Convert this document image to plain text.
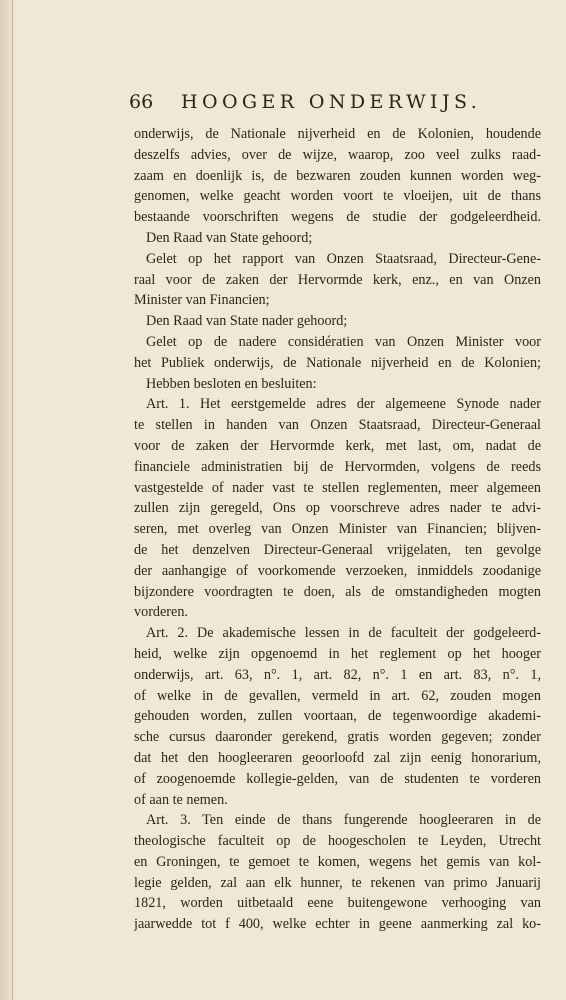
66	HOOGER ONDERWIJS.
onderwijs, de Nationale nijverheid en de Kolonien, houdende
deszelfs advies, over de wijze, waarop, zoo veel zulks raad-
zaam en doenlijk is, de bezwaren zouden kunnen worden weg-
genomen, welke geacht worden voort te vloeijen, uit de thans
bestaande voorschriften wegens de studie der godgeleerdheid.
Den Raad van State gehoord;
Gelet op het rapport van Onzen Staatsraad, Directeur-Gene-
raal voor de zaken der Hervormde kerk, enz., en van Onzen
Minister van Financien;
Den Raad van State nader gehoord;
Gelet op de nadere considératien van Onzen Minister voor
het Publiek onderwijs, de Nationale nijverheid en de Kolonien;
Hebben besloten en besluiten:
Art. 1. Het eerstgemelde adres der algemeene Synode nader
te stellen in handen van Onzen Staatsraad, Directeur-Generaal
voor de zaken der Hervormde kerk, met last, om, nadat de
financiele administratien bij de Hervormden, volgens de reeds
vastgestelde of nader vast te stellen reglementen, meer algemeen
zullen zijn geregeld, Ons op voorschreve adres nader te advi-
seren, met overleg van Onzen Minister van Financien; blijven-
de het denzelven Directeur-Generaal vrijgelaten, ten gevolge
der aanhangige of voorkomende verzoeken, inmiddels zoodanige
bijzondere voordragten te doen, als de omstandigheden mogten
vorderen.
Art. 2. De akademische lessen in de faculteit der godgeleerd-
heid, welke zijn opgenoemd in het reglement op het hooger
onderwijs, art. 63, n°. 1, art. 82, n°. 1 en art. 83, n°. 1,
of welke in de gevallen, vermeld in art. 62, zouden mogen
gehouden worden, zullen voortaan, de tegenwoordige akademi-
sche cursus daaronder gerekend, gratis worden gegeven; zonder
dat het den hoogleeraren geoorloofd zal zijn eenig honorarium,
of zoogenoemde kollegie-gelden, van de studenten te vorderen
of aan te nemen.
Art. 3. Ten einde de thans fungerende hoogleeraren in de
theologische faculteit op de hoogescholen te Leyden, Utrecht
en Groningen, te gemoet te komen, wegens het gemis van kol-
legie gelden, zal aan elk hunner, te rekenen van primo Januarij
1821, worden uitbetaald eene buitengewone verhooging van
jaarwedde tot f 400, welke echter in geene aanmerking zal ko-
